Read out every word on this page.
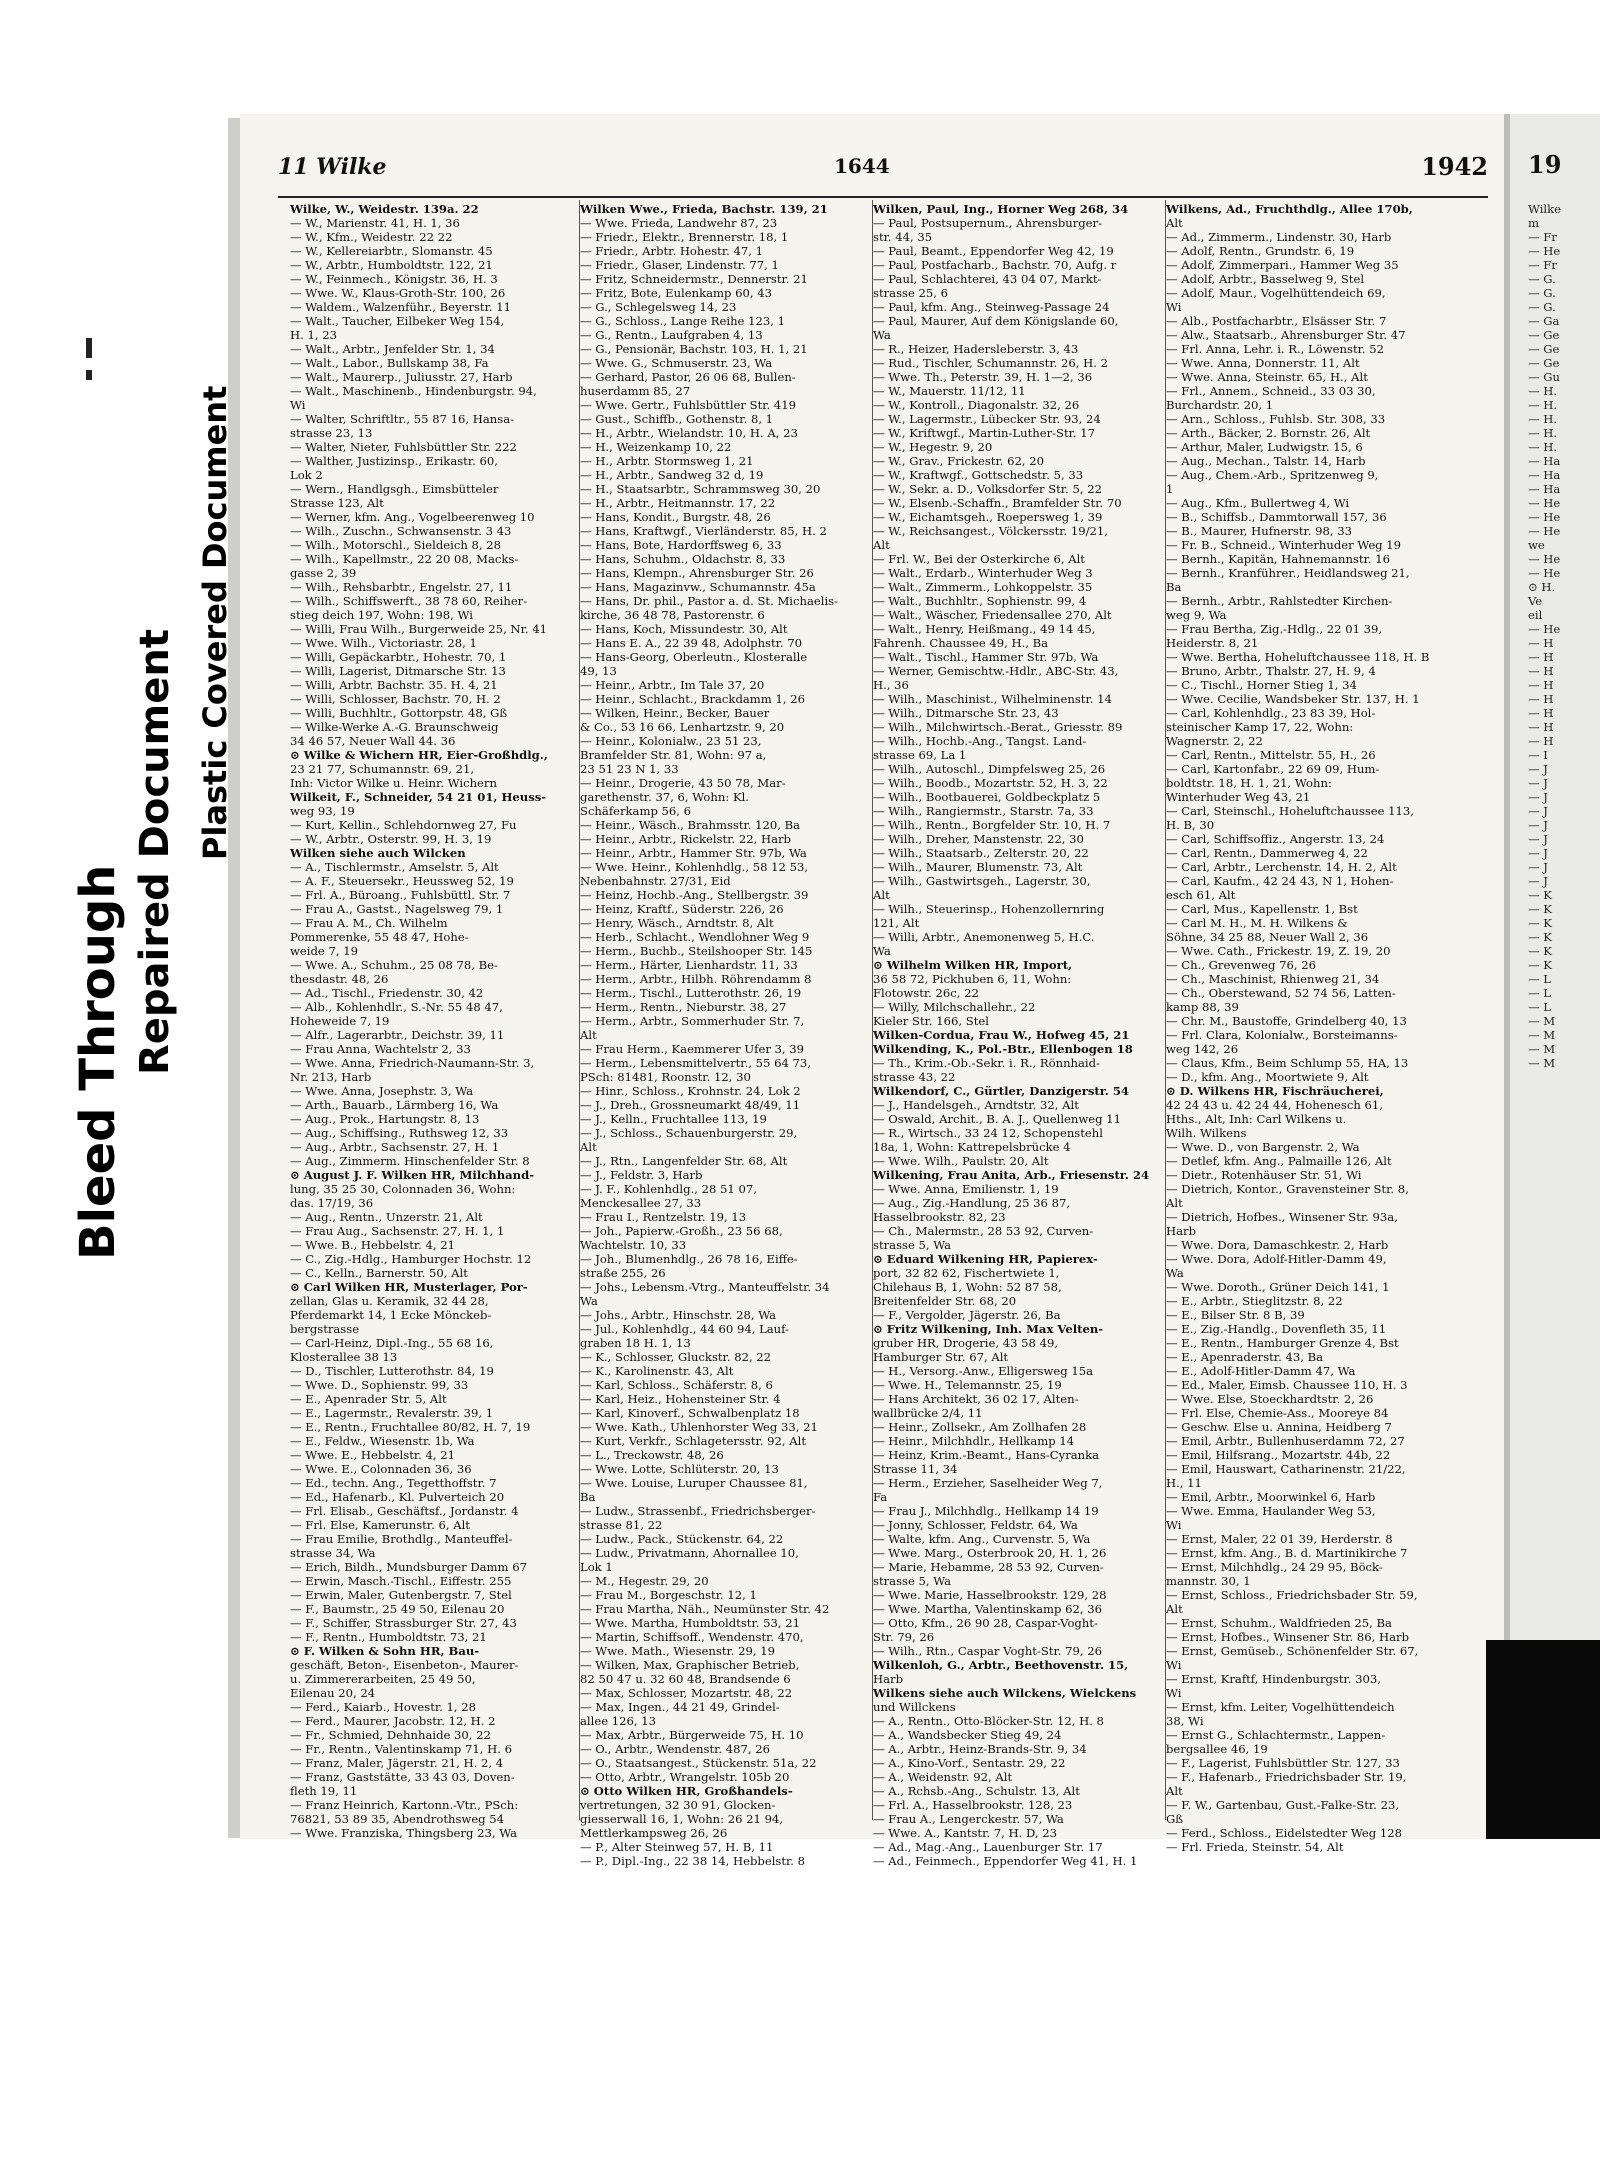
Bleed Through Repaired Document Plastic Covered Document
11 Wilke	1644	1942 19
Wilke, W., Weidestr. 139a. 22
— W., Marienstr. 41, H. 1, 36
— W., Kfm., Weidestr. 22 22
— W., Kellereiarbtr., Slomanstr. 45
— W., Arbtr., Humboldtstr. 122, 21
— W., Feinmech., Königstr. 36, H. 3
— Wwe. W., Klaus-Groth-Str. 100, 26
— Waldem., Walzenführ., Beyerstr. 11
— Walt., Taucher, Eilbeker Weg 154,
H. 1, 23
— Walt., Arbtr., Jenfelder Str. 1, 34
— Walt., Labor., Bullskamp 38, Fa
— Walt., Maurerp., Juliusstr. 27, Harb
— Walt., Maschinenb., Hindenburgstr. 94,
Wi
— Walter, Schriftltr., 55 87 16, Hansa-
strasse 23, 13
— Walter, Nieter, Fuhlsbüttler Str. 222
— Walther, Justizinsp., Erikastr. 60,
Lok 2
— Wern., Handlgsgh., Eimsbütteler
Strasse 123, Alt
— Werner, kfm. Ang., Vogelbeerenweg 10
— Wilh., Zuschn., Schwansenstr. 3 43
— Wilh., Motorschl., Sieldeich 8, 28
— Wilh., Kapellmstr., 22 20 08, Macks-
gasse 2, 39
— Wilh., Rehsbarbtr., Engelstr. 27, 11
— Wilh., Schiffswerft., 38 78 60, Reiher-
stieg deich 197, Wohn: 198, Wi
— Willi, Frau Wilh., Burgerweide 25, Nr. 41
— Wwe. Wilh., Victoriastr. 28, 1
— Willi, Gepäckarbtr., Hohestr. 70, 1
— Willi, Lagerist, Ditmarsche Str. 13
— Willi, Arbtr. Bachstr. 35. H. 4, 21
— Willi, Schlosser, Bachstr. 70, H. 2
— Willi, Buchhltr., Gottorpstr. 48, Gß
— Wilke-Werke A.-G. Braunschweig
34 46 57, Neuer Wall 44. 36
⊙ Wilke & Wichern HR, Eier-Großhdlg.,
23 21 77, Schumannstr. 69, 21,
Inh: Victor Wilke u. Heinr. Wichern
Wilkeit, F., Schneider, 54 21 01, Heuss-
weg 93, 19
— Kurt, Kellin., Schlehdornweg 27, Fu
— W., Arbtr., Osterstr. 99, H. 3, 19
Wilken siehe auch Wilcken
— A., Tischlermstr., Amselstr. 5, Alt
— A. F., Steuersekr., Heussweg 52, 19
— Frl. A., Büroang., Fuhlsbüttl. Str. 7
— Frau A., Gastst., Nagelsweg 79, 1
— Frau A. M., Ch. Wilhelm
Pommerenke, 55 48 47, Hohe-
weide 7, 19
— Wwe. A., Schuhm., 25 08 78, Be-
thesdastr. 48, 26
— Ad., Tischl., Friedenstr. 30, 42
— Alb., Kohlenhdlr., S.-Nr. 55 48 47,
Hoheweide 7, 19
— Alfr., Lagerarbtr., Deichstr. 39, 11
— Frau Anna, Wachtelstr 2, 33
— Wwe. Anna, Friedrich-Naumann-Str. 3,
Nr. 213, Harb
— Wwe. Anna, Josephstr. 3, Wa
— Arth., Bauarb., Lärmberg 16, Wa
— Aug., Prok., Hartungstr. 8, 13
— Aug., Schiffsing., Ruthsweg 12, 33
— Aug., Arbtr., Sachsenstr. 27, H. 1
— Aug., Zimmerm. Hinschenfelder Str. 8
⊙ August J. F. Wilken HR, Milchhand-
lung, 35 25 30, Colonnaden 36, Wohn:
das. 17/19, 36
— Aug., Rentn., Unzerstr. 21, Alt
— Frau Aug., Sachsenstr. 27, H. 1, 1
— Wwe. B., Hebbelstr. 4, 21
— C., Zig.-Hdlg., Hamburger Hochstr. 12
— C., Kelln., Barnerstr. 50, Alt
⊙ Carl Wilken HR, Musterlager, Por-
zellan, Glas u. Keramik, 32 44 28,
Pferdemarkt 14, 1 Ecke Mönckeb-
bergstrasse
— Carl-Heinz, Dipl.-Ing., 55 68 16,
Klosterallee 38 13
— D., Tischler, Lutterothstr. 84, 19
— Wwe. D., Sophienstr. 99, 33
— E., Apenrader Str. 5, Alt
— E., Lagermstr., Revalerstr. 39, 1
— E., Rentn., Fruchtallee 80/82, H. 7, 19
— E., Feldw., Wiesenstr. 1b, Wa
— Wwe. E., Hebbelstr. 4, 21
— Wwe. E., Colonnaden 36, 36
— Ed., techn. Ang., Tegetthoffstr. 7
— Ed., Hafenarb., Kl. Pulverteich 20
— Frl. Elisab., Geschäftsf., Jordanstr. 4
— Frl. Else, Kamerunstr. 6, Alt
— Frau Emilie, Brothdlg., Manteuffel-
strasse 34, Wa
— Erich, Bildh., Mundsburger Damm 67
— Erwin, Masch.-Tischl., Eiffestr. 255
— Erwin, Maler, Gutenbergstr. 7, Stel
— F., Baumstr., 25 49 50, Eilenau 20
— F., Schiffer, Strassburger Str. 27, 43
— F., Rentn., Humboldtstr. 73, 21
⊙ F. Wilken & Sohn HR, Bau-
geschäft, Beton-, Eisenbeton-, Maurer-
u. Zimmererarbeiten, 25 49 50,
Eilenau 20, 24
— Ferd., Kaiarb., Hovestr. 1, 28
— Ferd., Maurer, Jacobstr. 12, H. 2
— Fr., Schmied, Dehnhaide 30, 22
— Fr., Rentn., Valentinskamp 71, H. 6
— Franz, Maler, Jägerstr. 21, H. 2, 4
— Franz, Gaststätte, 33 43 03, Doven-
fleth 19, 11
— Franz Heinrich, Kartonn.-Vtr., PSch:
76821, 53 89 35, Abendrothsweg 54
— Wwe. Franziska, Thingsberg 23, Wa
Wilken Wwe., Frieda, Bachstr. 139, 21
— Wwe. Frieda, Landwehr 87, 23
— Friedr., Elektr., Brennerstr. 18, 1
— Friedr., Arbtr. Hohestr. 47, 1
— Friedr., Glaser, Lindenstr. 77, 1
— Fritz, Schneidermstr., Dennerstr. 21
— Fritz, Bote, Eulenkamp 60, 43
— G., Schlegelsweg 14, 23
— G., Schloss., Lange Reihe 123, 1
— G., Rentn., Laufgraben 4, 13
— G., Pensionär, Bachstr. 103, H. 1, 21
— Wwe. G., Schmuserstr. 23, Wa
— Gerhard, Pastor, 26 06 68, Bullen-
huserdamm 85, 27
— Wwe. Gertr., Fuhlsbüttler Str. 419
— Gust., Schiffb., Gothenstr. 8, 1
— H., Arbtr., Wielandstr. 10, H. A, 23
— H., Weizenkamp 10, 22
— H., Arbtr. Stormsweg 1, 21
— H., Arbtr., Sandweg 32 d, 19
— H., Staatsarbtr., Schrammsweg 30, 20
— H., Arbtr., Heitmannstr. 17, 22
— Hans, Kondit., Burgstr. 48, 26
— Hans, Kraftwgf., Vierländerstr. 85, H. 2
— Hans, Bote, Hardorffsweg 6, 33
— Hans, Schuhm., Oldachstr. 8, 33
— Hans, Klempn., Ahrensburger Str. 26
— Hans, Magazinvw., Schumannstr. 45a
— Hans, Dr. phil., Pastor a. d. St. Michaelis-
kirche, 36 48 78, Pastorenstr. 6
— Hans, Koch, Missundestr. 30, Alt
— Hans E. A., 22 39 48, Adolphstr. 70
— Hans-Georg, Oberleutn., Klosteralle
49, 13
— Heinr., Arbtr., Im Tale 37, 20
— Heinr., Schlacht., Brackdamm 1, 26
— Wilken, Heinr., Becker, Bauer
& Co., 53 16 66, Lenhartzstr. 9, 20
— Heinr., Kolonialw., 23 51 23,
Bramfelder Str. 81, Wohn: 97 a,
23 51 23 N 1, 33
— Heinr., Drogerie, 43 50 78, Mar-
garethenstr. 37, 6, Wohn: Kl.
Schäferkamp 56, 6
— Heinr., Wäsch., Brahmsstr. 120, Ba
— Heinr., Arbtr., Rickelstr. 22, Harb
— Heinr., Arbtr., Hammer Str. 97b, Wa
— Wwe. Heinr., Kohlenhdlg., 58 12 53,
Nebenbahnstr. 27/31, Eid
— Heinz, Hochb.-Ang., Stellbergstr. 39
— Heinz, Kraftf., Süderstr. 226, 26
— Henry, Wäsch., Arndtstr. 8, Alt
— Herb., Schlacht., Wendlohner Weg 9
— Herm., Buchb., Steilshooper Str. 145
— Herm., Härter, Lienhardstr. 11, 33
— Herm., Arbtr., Hilbh. Röhrendamm 8
— Herm., Tischl., Lutterothstr. 26, 19
— Herm., Rentn., Nieburstr. 38, 27
— Herm., Arbtr., Sommerhuder Str. 7,
Alt
— Frau Herm., Kaemmerer Ufer 3, 39
— Herm., Lebensmittelvertr., 55 64 73,
PSch: 81481, Roonstr. 12, 30
— Hinr., Schloss., Krohnstr. 24, Lok 2
— J., Dreh., Grossneumarkt 48/49, 11
— J., Kelln., Fruchtallee 113, 19
— J., Schloss., Schauenburgerstr. 29,
Alt
— J., Rtn., Langenfelder Str. 68, Alt
— J., Feldstr. 3, Harb
— J. F., Kohlenhdlg., 28 51 07,
Menckesallee 27, 33
— Frau I., Rentzelstr. 19, 13
— Joh., Papierw.-Großh., 23 56 68,
Wachtelstr. 10, 33
— Joh., Blumenhdlg., 26 78 16, Eiffe-
straße 255, 26
— Johs., Lebensm.-Vtrg., Manteuffelstr. 34
Wa
— Johs., Arbtr., Hinschstr. 28, Wa
— Jul., Kohlenhdlg., 44 60 94, Lauf-
graben 18 H. 1, 13
— K., Schlosser, Gluckstr. 82, 22
— K., Karolinenstr. 43, Alt
— Karl, Schloss., Schäferstr. 8, 6
— Karl, Heiz., Hohensteiner Str. 4
— Karl, Kinoverf., Schwalbenplatz 18
— Wwe. Kath., Uhlenhorster Weg 33, 21
— Kurt, Verkfr., Schlagetersstr. 92, Alt
— L., Treckowstr. 48, 26
— Wwe. Lotte, Schlüterstr. 20, 13
— Wwe. Louise, Luruper Chaussee 81,
Ba
— Ludw., Strassenbf., Friedrichsberger-
strasse 81, 22
— Ludw., Pack., Stückenstr. 64, 22
— Ludw., Privatmann, Ahornallee 10,
Lok 1
— M., Hegestr. 29, 20
— Frau M., Borgeschstr. 12, 1
— Frau Martha, Näh., Neumünster Str. 42
— Wwe. Martha, Humboldtstr. 53, 21
— Martin, Schiffsoff., Wendenstr. 470,
— Wwe. Math., Wiesenstr. 29, 19
— Wilken, Max, Graphischer Betrieb,
82 50 47 u. 32 60 48, Brandsende 6
— Max, Schlosser, Mozartstr. 48, 22
— Max, Ingen., 44 21 49, Grindel-
allee 126, 13
— Max, Arbtr., Bürgerweide 75, H. 10
— O., Arbtr., Wendenstr. 487, 26
— O., Staatsangest., Stückenstr. 51a, 22
— Otto, Arbtr., Wrangelstr. 105b 20
⊙ Otto Wilken HR, Großhandels-
vertretungen, 32 30 91, Glocken-
giesserwall 16, 1, Wohn: 26 21 94,
Mettlerkampsweg 26, 26
— P., Alter Steinweg 57, H. B, 11
— P., Dipl.-Ing., 22 38 14, Hebbelstr. 8
Wilken, Paul, Ing., Horner Weg 268, 34
— Paul, Postsupernum., Ahrensburger-
str. 44, 35
— Paul, Beamt., Eppendorfer Weg 42, 19
— Paul, Postfacharb., Bachstr. 70, Aufg. r
— Paul, Schlachterei, 43 04 07, Markt-
strasse 25, 6
— Paul, kfm. Ang., Steinweg-Passage 24
— Paul, Maurer, Auf dem Königslande 60,
Wa
— R., Heizer, Hadersleberstr. 3, 43
— Rud., Tischler, Schumannstr. 26, H. 2
— Wwe. Th., Peterstr. 39, H. 1—2, 36
— W., Mauerstr. 11/12, 11
— W., Kontroll., Diagonalstr. 32, 26
— W., Lagermstr., Lübecker Str. 93, 24
— W., Kriftwgf., Martin-Luther-Str. 17
— W., Hegestr. 9, 20
— W., Grav., Frickestr. 62, 20
— W., Kraftwgf., Gottschedstr. 5, 33
— W., Sekr. a. D., Volksdorfer Str. 5, 22
— W., Elsenb.-Schaffn., Bramfelder Str. 70
— W., Eichamtsgeh., Roepersweg 1, 39
— W., Reichsangest., Völckersstr. 19/21,
Alt
— Frl. W., Bei der Osterkirche 6, Alt
— Walt., Erdarb., Winterhuder Weg 3
— Walt., Zimmerm., Lohkoppelstr. 35
— Walt., Buchhltr., Sophienstr. 99, 4
— Walt., Wäscher, Friedensallee 270, Alt
— Walt., Henry, Heißmang., 49 14 45,
Fahrenh. Chaussee 49, H., Ba
— Walt., Tischl., Hammer Str. 97b, Wa
— Werner, Gemischtw.-Hdlr., ABC-Str. 43,
H., 36
— Wilh., Maschinist., Wilhelminenstr. 14
— Wilh., Ditmarsche Str. 23, 43
— Wilh., Milchwirtsch.-Berat., Griesstr. 89
— Wilh., Hochb.-Ang., Tangst. Land-
strasse 69, La 1
— Wilh., Autoschl., Dimpfelsweg 25, 26
— Wilh., Boodb., Mozartstr. 52, H. 3, 22
— Wilh., Bootbauerei, Goldbeckplatz 5
— Wilh., Rangiermstr., Starstr. 7a, 33
— Wilh., Rentn., Borgfelder Str. 10, H. 7
— Wilh., Dreher, Manstenstr. 22, 30
— Wilh., Staatsarb., Zelterstr. 20, 22
— Wilh., Maurer, Blumenstr. 73, Alt
— Wilh., Gastwirtsgeh., Lagerstr. 30,
Alt
— Wilh., Steuerinsp., Hohenzollernring
121, Alt
— Willi, Arbtr., Anemonenweg 5, H.C.
Wa
⊙ Wilhelm Wilken HR, Import,
36 58 72, Pickhuben 6, 11, Wohn:
Flotowstr. 26c, 22
— Willy, Milchschallehr., 22
Kieler Str. 166, Stel
Wilken-Cordua, Frau W., Hofweg 45, 21
Wilkending, K., Pol.-Btr., Ellenbogen 18
— Th., Krim.-Ob.-Sekr. i. R., Rönnhaid-
strasse 43, 22
Wilkendorf, C., Gürtler, Danzigerstr. 54
— J., Handelsgeh., Arndtstr. 32, Alt
— Oswald, Archit., B. A. J., Quellenweg 11
— R., Wirtsch., 33 24 12, Schopenstehl
18a, 1, Wohn: Kattrepelsbrücke 4
— Wwe. Wilh., Paulstr. 20, Alt
Wilkening, Frau Anita, Arb., Friesenstr. 24
— Wwe. Anna, Emilienstr. 1, 19
— Aug., Zig.-Handlung, 25 36 87,
Hasselbrookstr. 82, 23
— Ch., Malermstr., 28 53 92, Curven-
strasse 5, Wa
⊙ Eduard Wilkening HR, Papierex-
port, 32 82 62, Fischertwiete 1,
Chilehaus B, 1, Wohn: 52 87 58,
Breitenfelder Str. 68, 20
— F., Vergolder, Jägerstr. 26, Ba
⊙ Fritz Wilkening, Inh. Max Velten-
gruber HR, Drogerie, 43 58 49,
Hamburger Str. 67, Alt
— H., Versorg.-Anw., Elligersweg 15a
— Wwe. H., Telemannstr. 25, 19
— Hans Architekt, 36 02 17, Alten-
wallbrücke 2/4, 11
— Heinr., Zollsekr., Am Zollhafen 28
— Heinr., Milchhdlr., Hellkamp 14
— Heinz, Krim.-Beamt., Hans-Cyranka
Strasse 11, 34
— Herm., Erzieher, Saselheider Weg 7,
Fa
— Frau J., Milchhdlg., Hellkamp 14 19
— Jonny, Schlosser, Feldstr. 64, Wa
— Walte, kfm. Ang., Curvenstr. 5, Wa
— Wwe. Marg., Osterbrook 20, H. 1, 26
— Marie, Hebamme, 28 53 92, Curven-
strasse 5, Wa
— Wwe. Marie, Hasselbrookstr. 129, 28
— Wwe. Martha, Valentinskamp 62, 36
— Otto, Kfm., 26 90 28, Caspar-Voght-
Str. 79, 26
— Wilh., Rtn., Caspar Voght-Str. 79, 26
Wilkenloh, G., Arbtr., Beethovenstr. 15,
Harb
Wilkens siehe auch Wilckens, Wielckens
und Willckens
— A., Rentn., Otto-Blöcker-Str. 12, H. 8
— A., Wandsbecker Stieg 49, 24
— A., Arbtr., Heinz-Brands-Str. 9, 34
— A., Kino-Vorf., Sentastr. 29, 22
— A., Weidenstr. 92, Alt
— A., Rchsb.-Ang., Schulstr. 13, Alt
— Frl. A., Hasselbrookstr. 128, 23
— Frau A., Lengerckestr. 57, Wa
— Wwe. A., Kantstr. 7, H. D, 23
— Ad., Mag.-Ang., Lauenburger Str. 17
— Ad., Feinmech., Eppendorfer Weg 41, H. 1
Wilkens, Ad., Fruchthdlg., Allee 170b,
Alt
— Ad., Zimmerm., Lindenstr. 30, Harb
— Adolf, Rentn., Grundstr. 6, 19
— Adolf, Zimmerpari., Hammer Weg 35
— Adolf, Arbtr., Basselweg 9, Stel
— Adolf, Maur., Vogelhüttendeich 69,
Wi
— Alb., Postfacharbtr., Elsässer Str. 7
— Alw., Staatsarb., Ahrensburger Str. 47
— Frl. Anna, Lehr. i. R., Löwenstr. 52
— Wwe. Anna, Donnerstr. 11, Alt
— Wwe. Anna, Steinstr. 65, H., Alt
— Frl., Annem., Schneid., 33 03 30,
Burchardstr. 20, 1
— Arn., Schloss., Fuhlsb. Str. 308, 33
— Arth., Bäcker, 2. Bornstr. 26, Alt
— Arthur, Maler, Ludwigstr. 15, 6
— Aug., Mechan., Talstr. 14, Harb
— Aug., Chem.-Arb., Spritzenweg 9,
1
— Aug., Kfm., Bullertweg 4, Wi
— B., Schiffsb., Dammtorwall 157, 36
— B., Maurer, Hufnerstr. 98, 33
— Fr. B., Schneid., Winterhuder Weg 19
— Bernh., Kapitän, Hahnemannstr. 16
— Bernh., Kranführer., Heidlandsweg 21,
Ba
— Bernh., Arbtr., Rahlstedter Kirchen-
weg 9, Wa
— Frau Bertha, Zig.-Hdlg., 22 01 39,
Heiderstr. 8, 21
— Wwe. Bertha, Hoheluftchaussee 118, H. B
— Bruno, Arbtr., Thalstr. 27, H. 9, 4
— C., Tischl., Horner Stieg 1, 34
— Wwe. Cecilie, Wandsbeker Str. 137, H. 1
— Carl, Kohlenhdlg., 23 83 39, Hol-
steinischer Kamp 17, 22, Wohn:
Wagnerstr. 2, 22
— Carl, Rentn., Mittelstr. 55, H., 26
— Carl, Kartonfabr., 22 69 09, Hum-
boldtstr. 18, H. 1, 21, Wohn:
Winterhuder Weg 43, 21
— Carl, Steinschl., Hoheluftchaussee 113,
H. B, 30
— Carl, Schiffsoffiz., Angerstr. 13, 24
— Carl, Rentn., Dammerweg 4, 22
— Carl, Arbtr., Lerchenstr. 14, H. 2, Alt
— Carl, Kaufm., 42 24 43, N 1, Hohen-
esch 61, Alt
— Carl, Mus., Kapellenstr. 1, Bst
— Carl M. H., M. H. Wilkens &
Söhne, 34 25 88, Neuer Wall 2, 36
— Wwe. Cath., Frickestr. 19, Z. 19, 20
— Ch., Grevenweg 76, 26
— Ch., Maschinist, Rhienweg 21, 34
— Ch., Oberstewand, 52 74 56, Latten-
kamp 88, 39
— Chr. M., Baustoffe, Grindelberg 40, 13
— Frl. Clara, Kolonialw., Borsteimanns-
weg 142, 26
— Claus, Kfm., Beim Schlump 55, HA, 13
— D., kfm. Ang., Moortwiete 9, Alt
⊙ D. Wilkens HR, Fischräucherei,
42 24 43 u. 42 24 44, Hohenesch 61,
Hths., Alt, Inh: Carl Wilkens u.
Wilh. Wilkens
— Wwe. D., von Bargenstr. 2, Wa
— Detlef, kfm. Ang., Palmaille 126, Alt
— Dietr., Rotenhäuser Str. 51, Wi
— Dietrich, Kontor., Gravensteiner Str. 8,
Alt
— Dietrich, Hofbes., Winsener Str. 93a,
Harb
— Wwe. Dora, Damaschkestr. 2, Harb
— Wwe. Dora, Adolf-Hitler-Damm 49,
Wa
— Wwe. Doroth., Grüner Deich 141, 1
— E., Arbtr., Stieglitzstr. 8, 22
— E., Bilser Str. 8 B, 39
— E., Zig.-Handlg., Dovenfleth 35, 11
— E., Rentn., Hamburger Grenze 4, Bst
— E., Apenraderstr. 43, Ba
— E., Adolf-Hitler-Damm 47, Wa
— Ed., Maler, Eimsb. Chaussee 110, H. 3
— Wwe. Else, Stoeckhardtstr. 2, 26
— Frl. Else, Chemie-Ass., Mooreye 84
— Geschw. Else u. Annina, Heidberg 7
— Emil, Arbtr., Bullenhuserdamm 72, 27
— Emil, Hilfsrang., Mozartstr. 44b, 22
— Emil, Hauswart, Catharinenstr. 21/22,
H., 11
— Emil, Arbtr., Moorwinkel 6, Harb
— Wwe. Emma, Haulander Weg 53,
Wi
— Ernst, Maler, 22 01 39, Herderstr. 8
— Ernst, kfm. Ang., B. d. Martinikirche 7
— Ernst, Milchhdlg., 24 29 95, Böck-
mannstr. 30, 1
— Ernst, Schloss., Friedrichsbader Str. 59,
Alt
— Ernst, Schuhm., Waldfrieden 25, Ba
— Ernst, Hofbes., Winsener Str. 86, Harb
— Ernst, Gemüseb., Schönenfelder Str. 67,
Wi
— Ernst, Kraftf, Hindenburgstr. 303,
Wi
— Ernst, kfm. Leiter, Vogelhüttendeich
38, Wi
— Ernst G., Schlachtermstr., Lappen-
bergsallee 46, 19
— F., Lagerist, Fuhlsbüttler Str. 127, 33
— F., Hafenarb., Friedrichsbader Str. 19,
Alt
— F. W., Gartenbau, Gust.-Falke-Str. 23,
Gß
— Ferd., Schloss., Eidelstedter Weg 128
— Frl. Frieda, Steinstr. 54, Alt
Wilke
m
— Fr
— He
— Fr
— G.
— G.
— G.
— Ga
— Ge
— Ge
— Ge
— Gu
— H.
— H.
— H.
— H.
— H.
— Ha
— Ha
— Ha
— He
— He
— He
we
— He
— He
⊙ H.
Ve
eil
— He
— H
— H
— H
— H
— H
— H
— H
— H
— I
— J
— J
— J
— J
— J
— J
— J
— J
— J
— K
— K
— K
— K
— K
— K
— L
— L
— L
— M
— M
— M
— M
